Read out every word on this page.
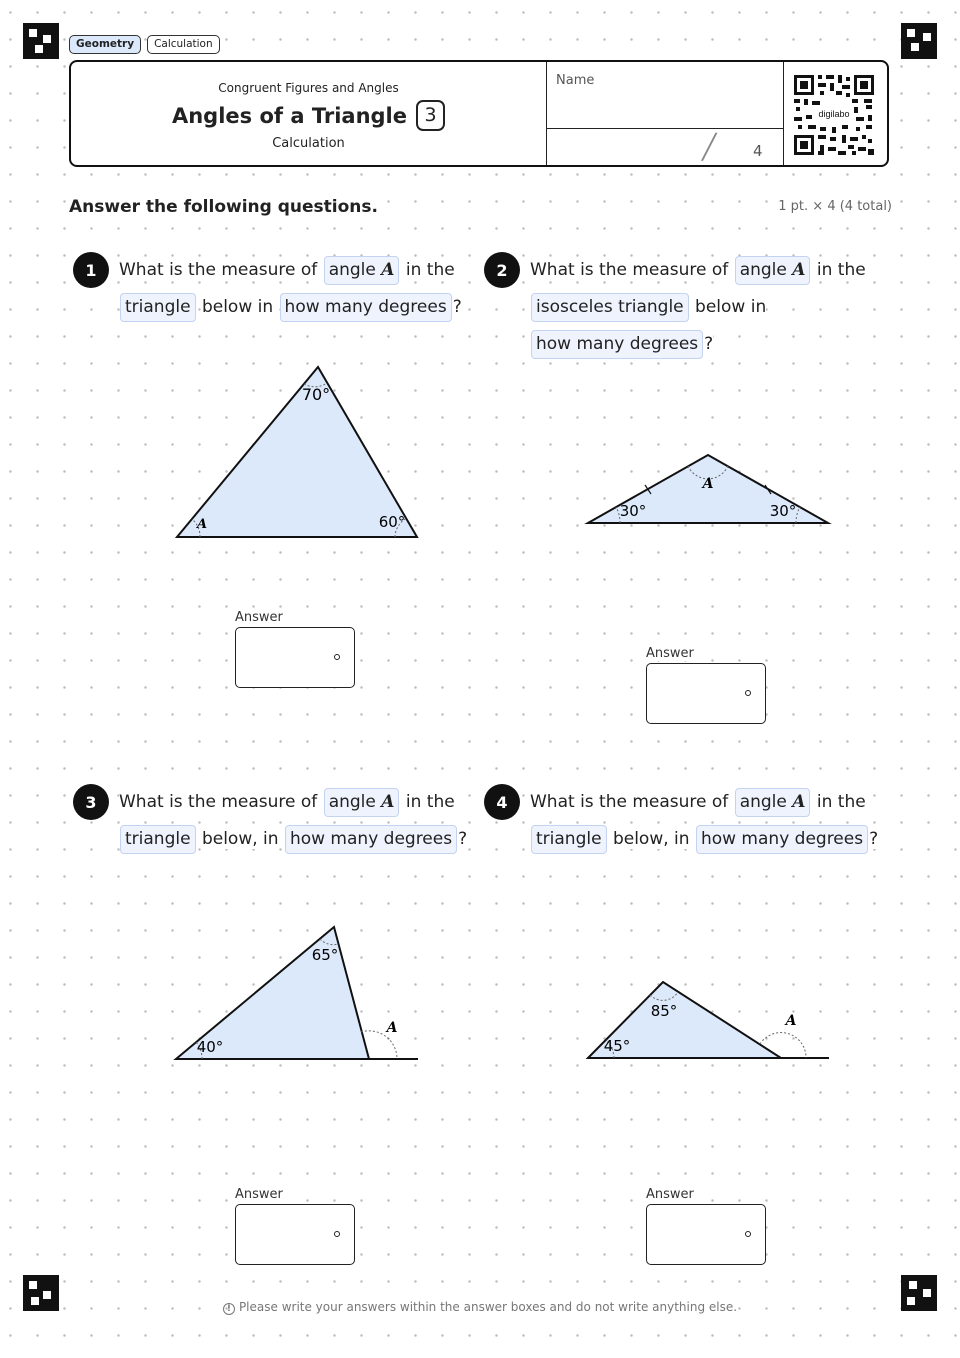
Geometry	Calculation
Congruent Figures and Angles
Angles of a Triangle 3
Calculation
Name
╱ 4
digilabo
Answer the following questions.	1 pt. × 4 (4 total)
1	What is the measure of angle A in the triangle below in how many degrees ?
70°
60°
A
Answer
2	What is the measure of angle A in the isosceles triangle below in how many degrees ?
A
30°	30°
Answer
3	What is the measure of angle A in the triangle below, in how many degrees ?
65°
40°
A
Answer
4	What is the measure of angle A in the triangle below, in how many degrees ?
85°
45°
A
Answer
! Please write your answers within the answer boxes and do not write anything else.
